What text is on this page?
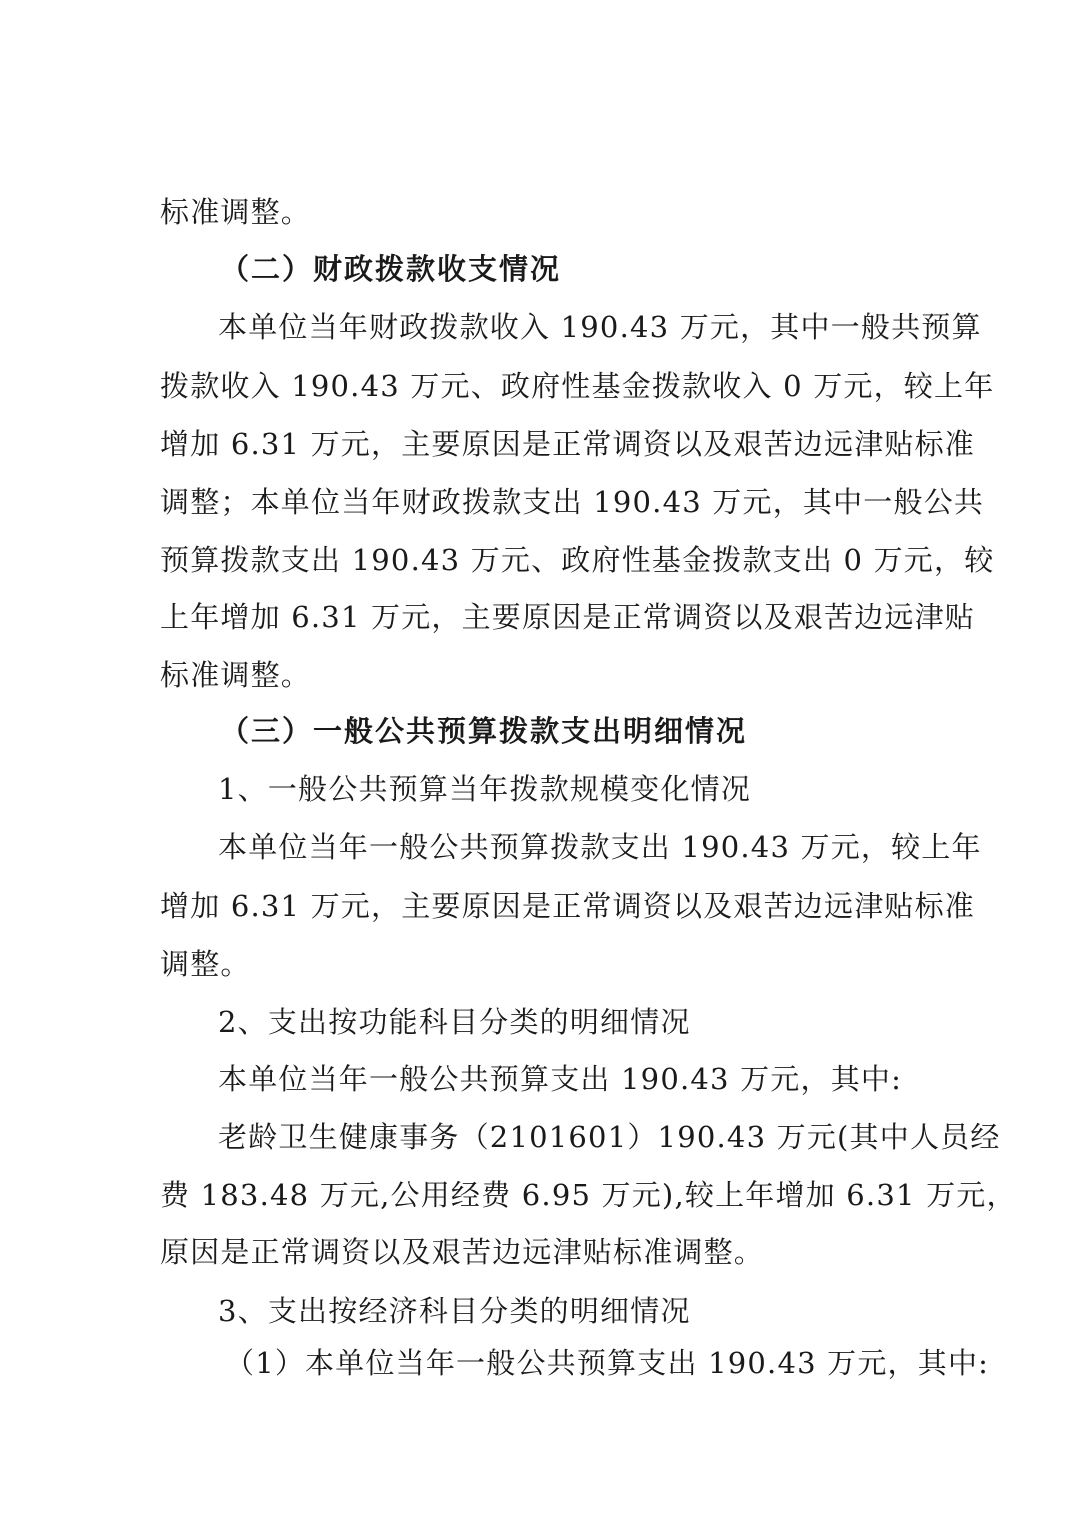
标准调整。
（二）财政拨款收支情况
本单位当年财政拨款收入 190.43 万元，其中一般共预算
拨款收入 190.43 万元、政府性基金拨款收入 0 万元，较上年
增加 6.31 万元，主要原因是正常调资以及艰苦边远津贴标准
调整；本单位当年财政拨款支出 190.43 万元，其中一般公共
预算拨款支出 190.43 万元、政府性基金拨款支出 0 万元，较
上年增加 6.31 万元，主要原因是正常调资以及艰苦边远津贴
标准调整。
（三）一般公共预算拨款支出明细情况
1、一般公共预算当年拨款规模变化情况
本单位当年一般公共预算拨款支出 190.43 万元，较上年
增加 6.31 万元，主要原因是正常调资以及艰苦边远津贴标准
调整。
2、支出按功能科目分类的明细情况
本单位当年一般公共预算支出 190.43 万元，其中:
老龄卫生健康事务（2101601）190.43 万元(其中人员经
费 183.48 万元,公用经费 6.95 万元),较上年增加 6.31 万元，
原因是正常调资以及艰苦边远津贴标准调整。
3、支出按经济科目分类的明细情况
（1）本单位当年一般公共预算支出 190.43 万元，其中:
